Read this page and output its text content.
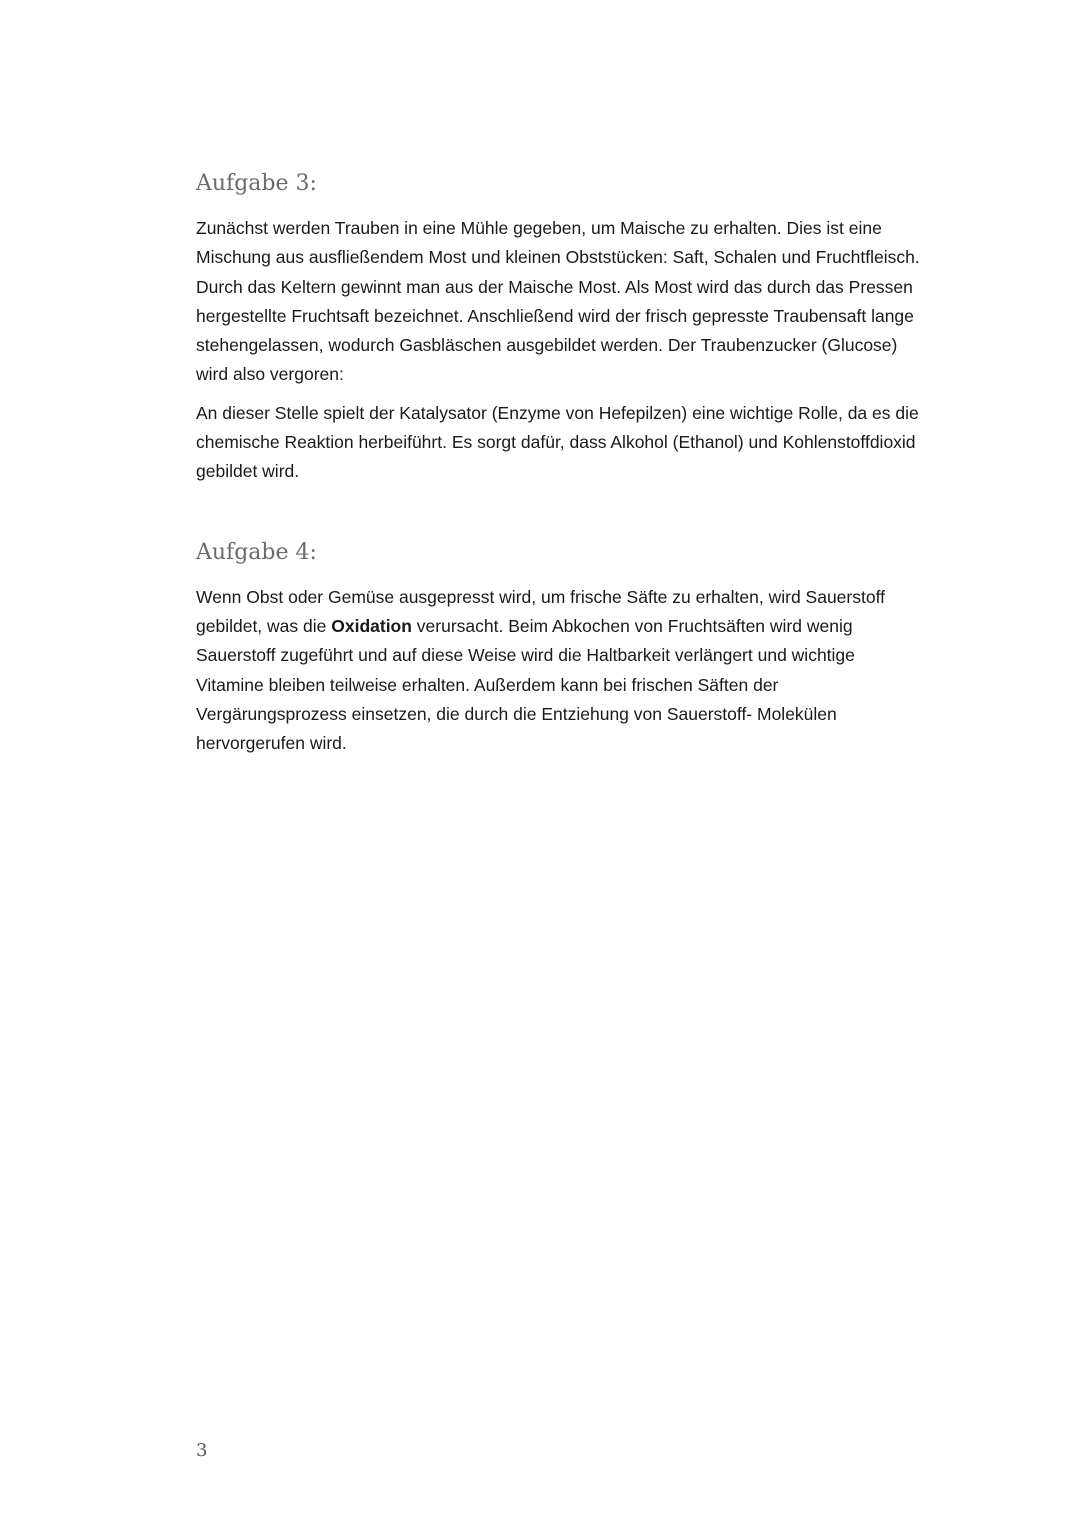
Aufgabe 3:

Zunächst werden Trauben in eine Mühle gegeben, um Maische zu erhalten. Dies ist eine Mischung aus ausfließendem Most und kleinen Obststücken: Saft, Schalen und Fruchtfleisch. Durch das Keltern gewinnt man aus der Maische Most. Als Most wird das durch das Pressen hergestellte Fruchtsaft bezeichnet. Anschließend wird der frisch gepresste Traubensaft lange stehengelassen, wodurch Gasbläschen ausgebildet werden. Der Traubenzucker (Glucose) wird also vergoren:

An dieser Stelle spielt der Katalysator (Enzyme von Hefepilzen) eine wichtige Rolle, da es die chemische Reaktion herbeiführt. Es sorgt dafür, dass Alkohol (Ethanol) und Kohlenstoffdioxid gebildet wird.

Aufgabe 4:

Wenn Obst oder Gemüse ausgepresst wird, um frische Säfte zu erhalten, wird Sauerstoff gebildet, was die Oxidation verursacht. Beim Abkochen von Fruchtsäften wird wenig Sauerstoff zugeführt und auf diese Weise wird die Haltbarkeit verlängert und wichtige Vitamine bleiben teilweise erhalten. Außerdem kann bei frischen Säften der Vergärungsprozess einsetzen, die durch die Entziehung von Sauerstoff- Molekülen hervorgerufen wird.

3
